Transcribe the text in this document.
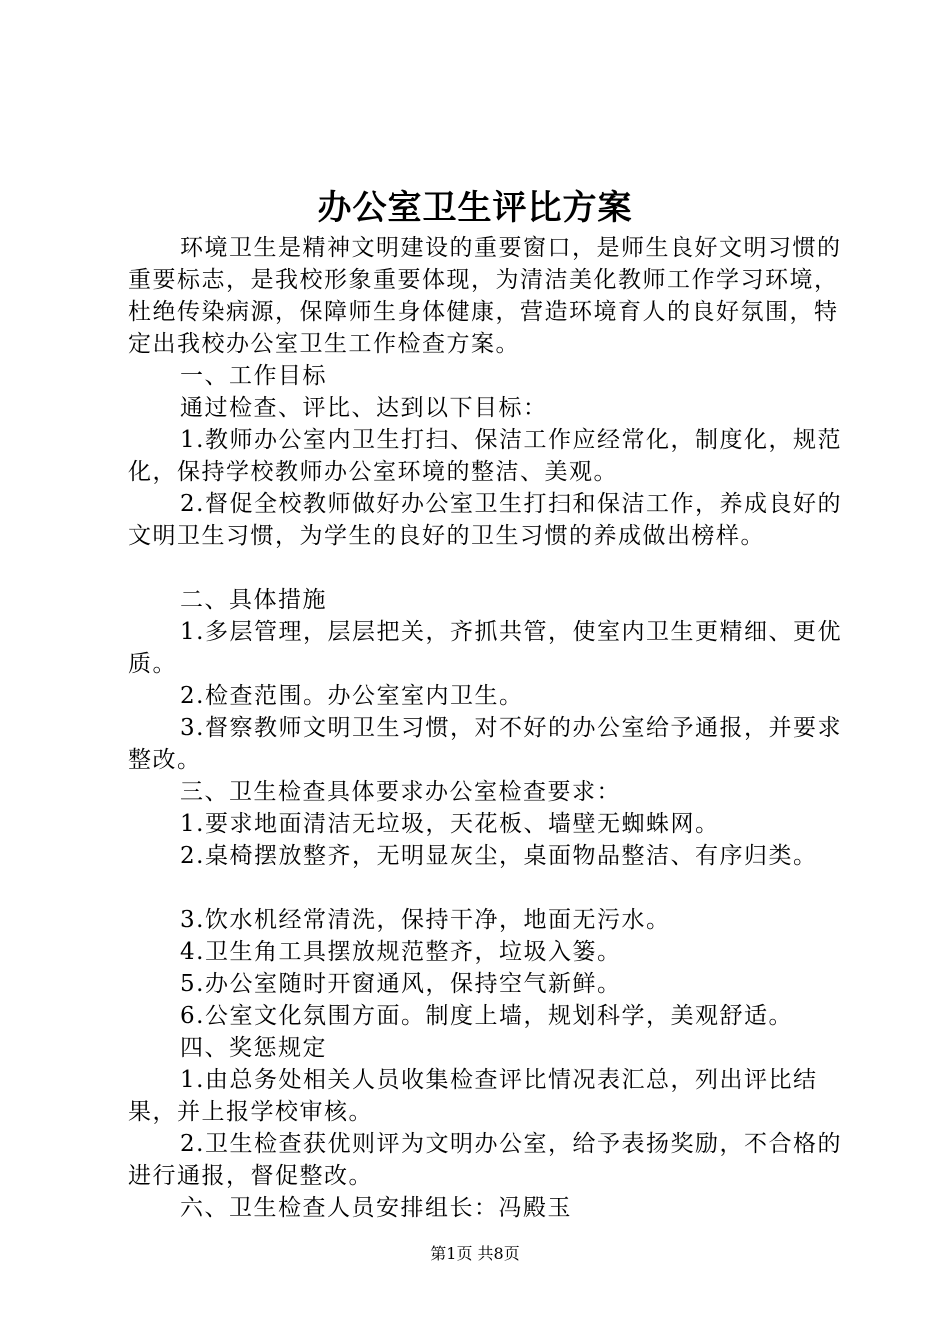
办公室卫生评比方案

环境卫生是精神文明建设的重要窗口，是师生良好文明习惯的重要标志，是我校形象重要体现，为清洁美化教师工作学习环境，杜绝传染病源，保障师生身体健康，营造环境育人的良好氛围，特定出我校办公室卫生工作检查方案。

一、工作目标

通过检查、评比、达到以下目标：

1.教师办公室内卫生打扫、保洁工作应经常化，制度化，规范化，保持学校教师办公室环境的整洁、美观。

2.督促全校教师做好办公室卫生打扫和保洁工作，养成良好的文明卫生习惯，为学生的良好的卫生习惯的养成做出榜样。

二、具体措施

1.多层管理，层层把关，齐抓共管，使室内卫生更精细、更优质。

2.检查范围。办公室室内卫生。

3.督察教师文明卫生习惯，对不好的办公室给予通报，并要求整改。

三、卫生检查具体要求办公室检查要求：

1.要求地面清洁无垃圾，天花板、墙壁无蜘蛛网。

2.桌椅摆放整齐，无明显灰尘，桌面物品整洁、有序归类。

3.饮水机经常清洗，保持干净，地面无污水。

4.卫生角工具摆放规范整齐，垃圾入篓。

5.办公室随时开窗通风，保持空气新鲜。

6.公室文化氛围方面。制度上墙，规划科学，美观舒适。

四、奖惩规定

1.由总务处相关人员收集检查评比情况表汇总，列出评比结果，并上报学校审核。

2.卫生检查获优则评为文明办公室，给予表扬奖励，不合格的进行通报，督促整改。

六、卫生检查人员安排组长：冯殿玉

第1页 共8页
